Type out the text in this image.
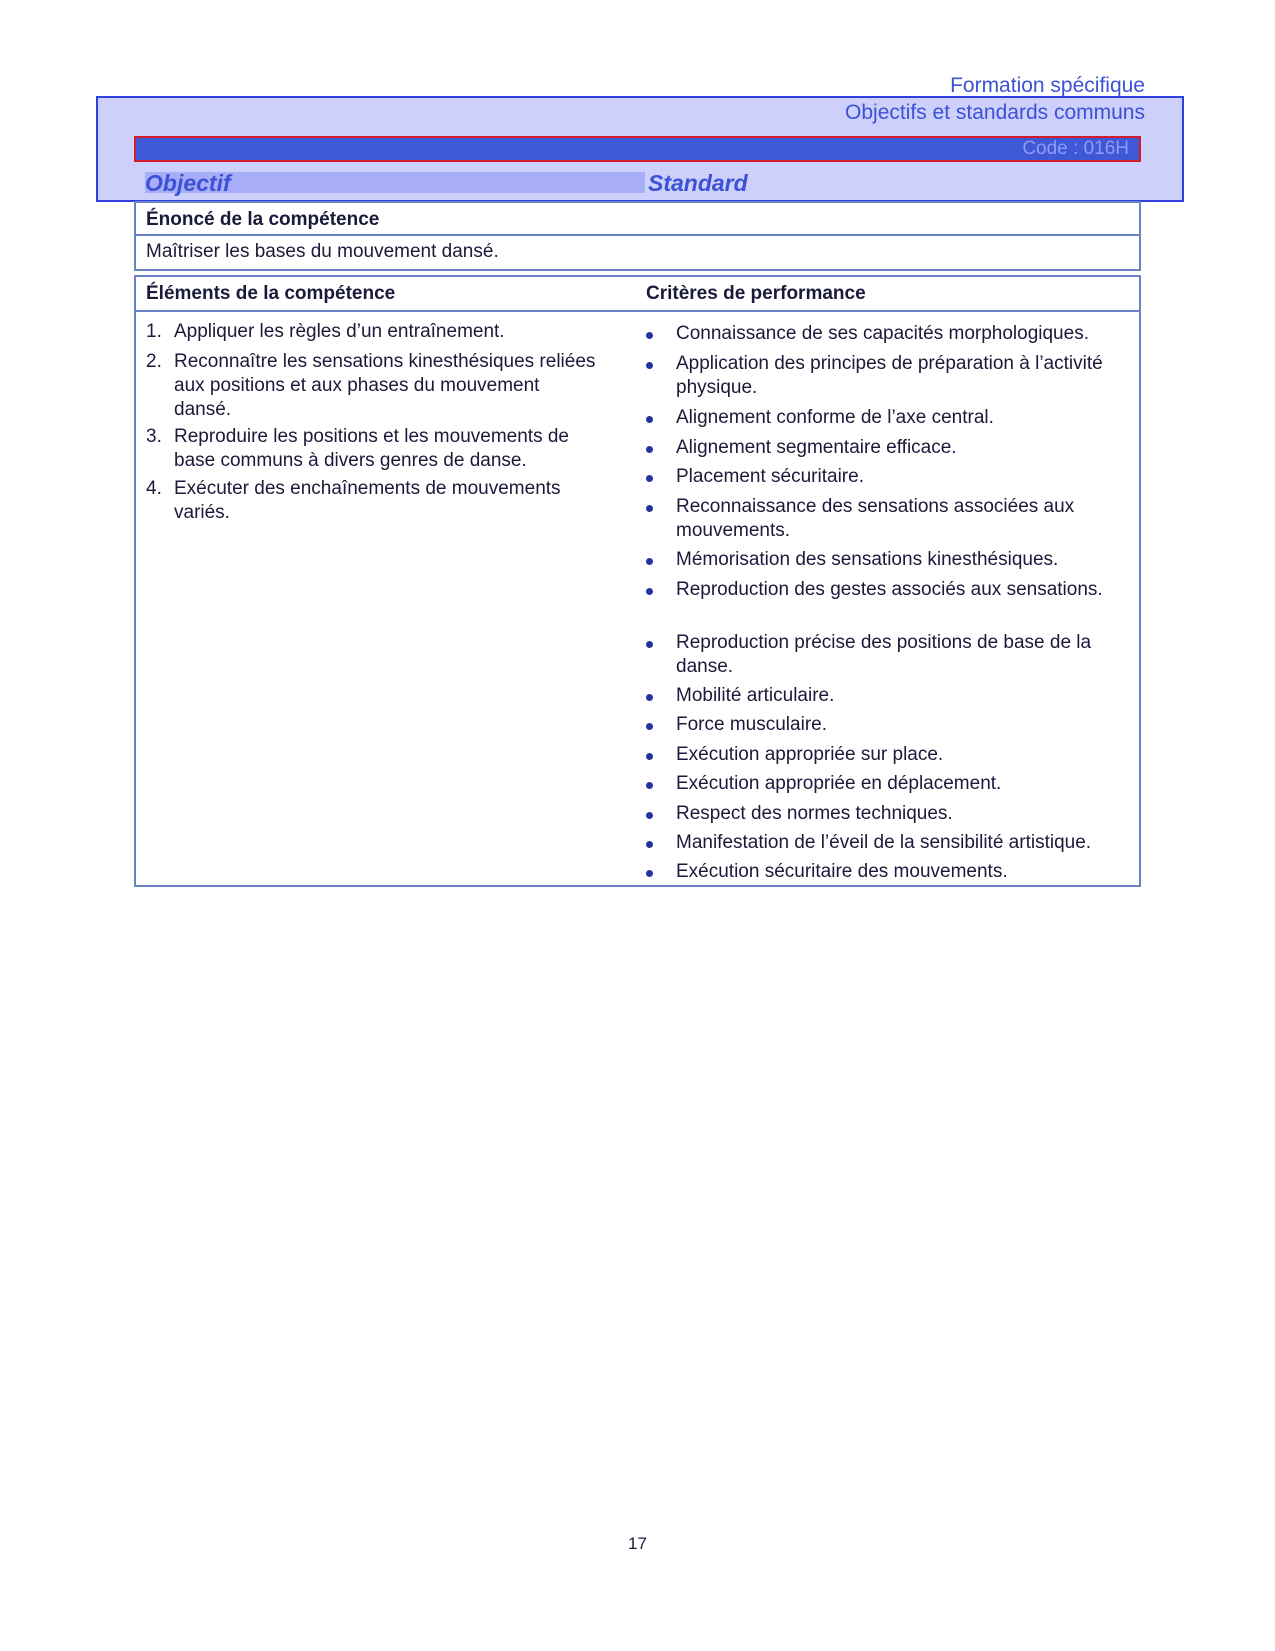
Formation spécifique
Objectifs et standards communs
Code : 016H
Objectif	Standard
Énoncé de la compétence
Maîtriser les bases du mouvement dansé.
Éléments de la compétence	Critères de performance
1. Appliquer les règles d’un entraînement.
2. Reconnaître les sensations kinesthésiques reliées aux positions et aux phases du mouvement dansé.
3. Reproduire les positions et les mouvements de base communs à divers genres de danse.
4. Exécuter des enchaînements de mouvements variés.
Connaissance de ses capacités morphologiques.
Application des principes de préparation à l’activité physique.
Alignement conforme de l’axe central.
Alignement segmentaire efficace.
Placement sécuritaire.
Reconnaissance des sensations associées aux mouvements.
Mémorisation des sensations kinesthésiques.
Reproduction des gestes associés aux sensations.
Reproduction précise des positions de base de la danse.
Mobilité articulaire.
Force musculaire.
Exécution appropriée sur place.
Exécution appropriée en déplacement.
Respect des normes techniques.
Manifestation de l’éveil de la sensibilité artistique.
Exécution sécuritaire des mouvements.
17
